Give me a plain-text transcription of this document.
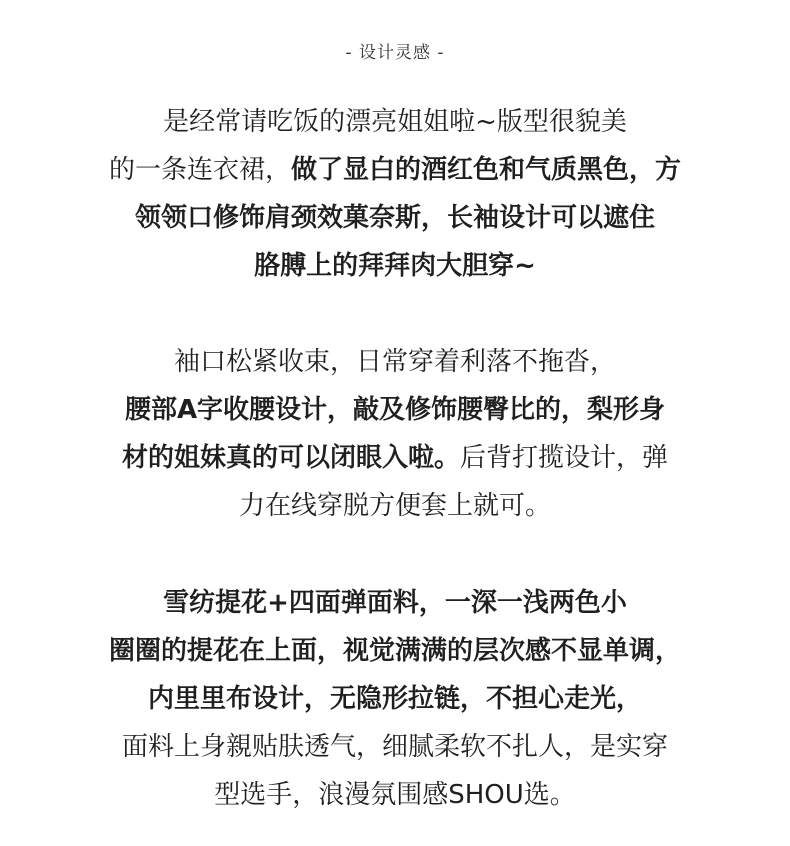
- 设计灵感 -
是经常请吃饭的漂亮姐姐啦~版型很貌美
的一条连衣裙，做了显白的酒红色和气质黑色，方
领领口修饰肩颈效菓奈斯，长袖设计可以遮住
胳膊上的拜拜肉大胆穿~
袖口松紧收束，日常穿着利落不拖沓，
腰部A字收腰设计，敲及修饰腰臀比的，梨形身
材的姐妹真的可以闭眼入啦。后背打揽设计，弹
力在线穿脱方便套上就可。
雪纺提花+四面弹面料，一深一浅两色小
圈圈的提花在上面，视觉满满的层次感不显单调，
内里里布设计，无隐形拉链，不担心走光，
面料上身親贴肤透气，细腻柔软不扎人，是实穿
型选手，浪漫氛围感SHOU选。
